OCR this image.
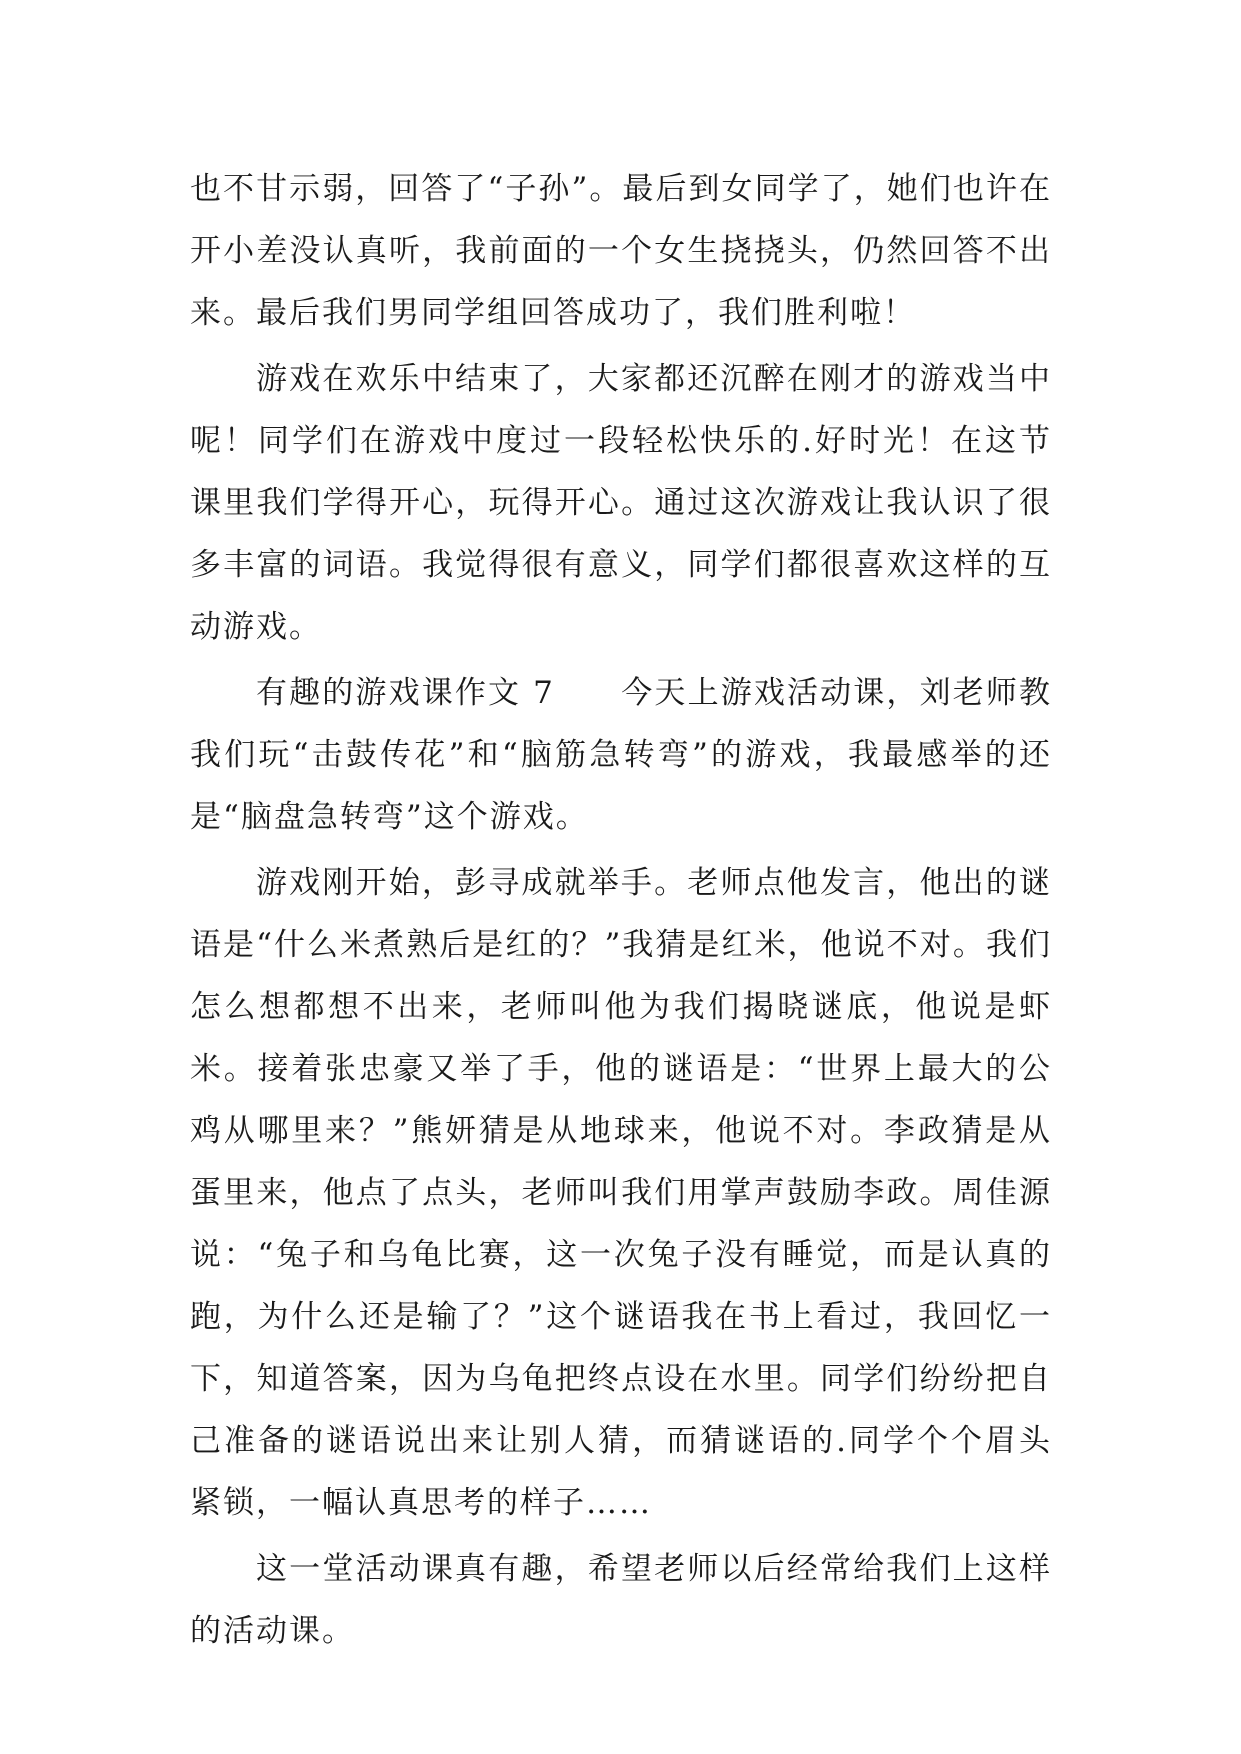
也不甘示弱，回答了“子孙”。最后到女同学了，她们也许在开小差没认真听，我前面的一个女生挠挠头，仍然回答不出来。最后我们男同学组回答成功了，我们胜利啦！

游戏在欢乐中结束了，大家都还沉醉在刚才的游戏当中呢！同学们在游戏中度过一段轻松快乐的.好时光！在这节课里我们学得开心，玩得开心。通过这次游戏让我认识了很多丰富的词语。我觉得很有意义，同学们都很喜欢这样的互动游戏。

有趣的游戏课作文 7　　今天上游戏活动课，刘老师教我们玩“击鼓传花”和“脑筋急转弯”的游戏，我最感举的还是“脑盘急转弯”这个游戏。

游戏刚开始，彭寻成就举手。老师点他发言，他出的谜语是“什么米煮熟后是红的？”我猜是红米，他说不对。我们怎么想都想不出来，老师叫他为我们揭晓谜底，他说是虾米。接着张忠豪又举了手，他的谜语是：“世界上最大的公鸡从哪里来？”熊妍猜是从地球来，他说不对。李政猜是从蛋里来，他点了点头，老师叫我们用掌声鼓励李政。周佳源说：“兔子和乌龟比赛，这一次兔子没有睡觉，而是认真的跑，为什么还是输了？”这个谜语我在书上看过，我回忆一下，知道答案，因为乌龟把终点设在水里。同学们纷纷把自己准备的谜语说出来让别人猜，而猜谜语的.同学个个眉头紧锁，一幅认真思考的样子……

这一堂活动课真有趣，希望老师以后经常给我们上这样的活动课。
